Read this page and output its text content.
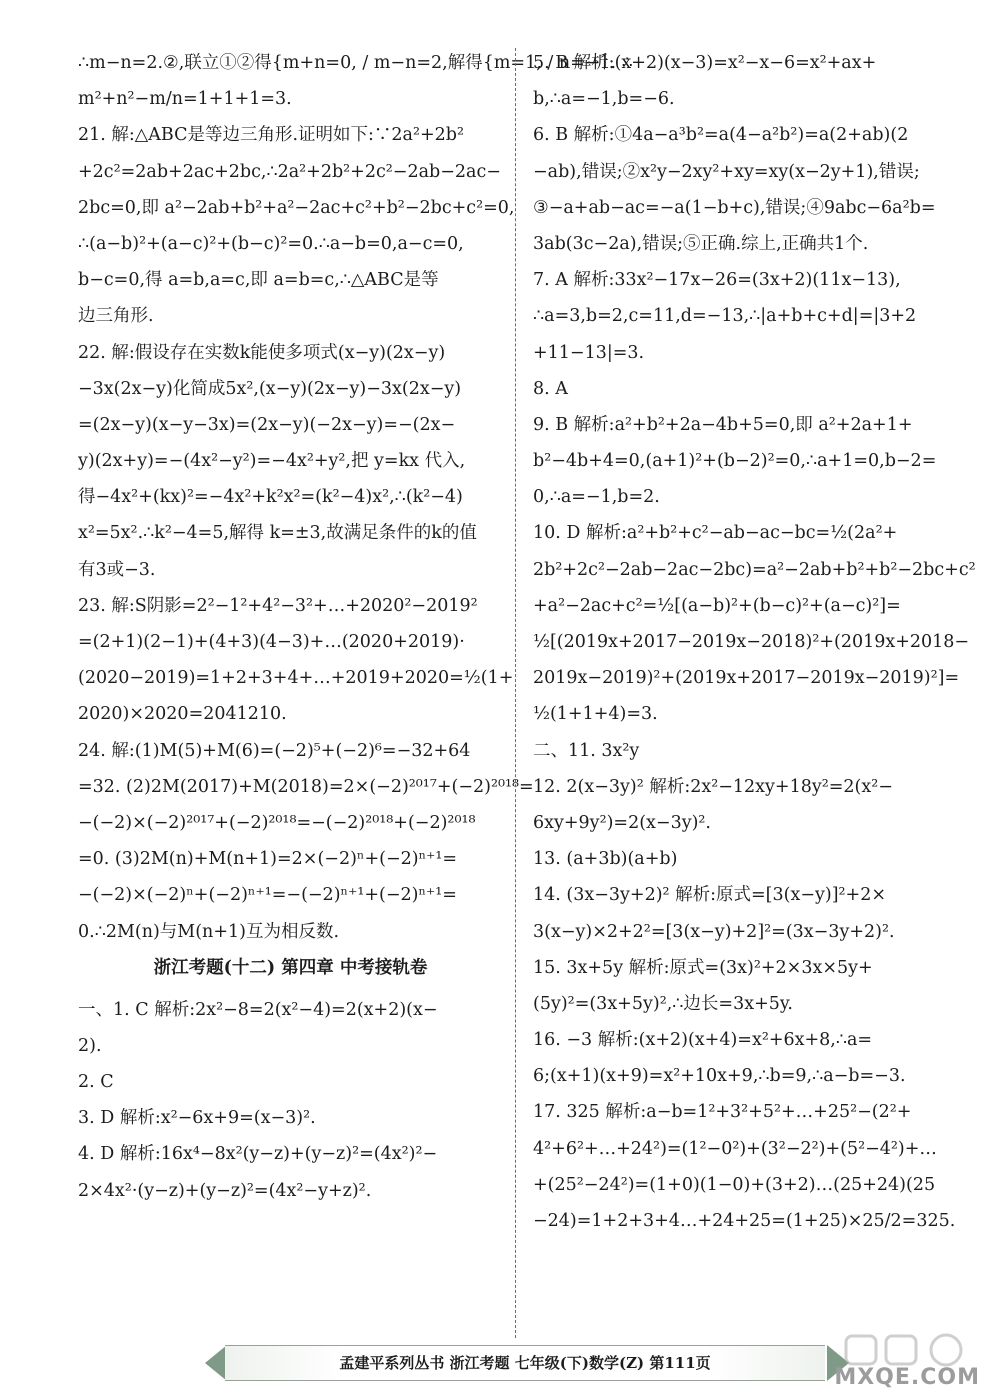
∴m−n=2.②,联立①②得{m+n=0, / m−n=2,解得{m=1, / n=−1. ∴
m²+n²−m/n=1+1+1=3.
21. 解:△ABC是等边三角形.证明如下:∵2a²+2b²
+2c²=2ab+2ac+2bc,∴2a²+2b²+2c²−2ab−2ac−
2bc=0,即 a²−2ab+b²+a²−2ac+c²+b²−2bc+c²=0,
∴(a−b)²+(a−c)²+(b−c)²=0.∴a−b=0,a−c=0,
b−c=0,得 a=b,a=c,即 a=b=c,∴△ABC是等
边三角形.
22. 解:假设存在实数k能使多项式(x−y)(2x−y)
−3x(2x−y)化简成5x²,(x−y)(2x−y)−3x(2x−y)
=(2x−y)(x−y−3x)=(2x−y)(−2x−y)=−(2x−
y)(2x+y)=−(4x²−y²)=−4x²+y²,把 y=kx 代入,
得−4x²+(kx)²=−4x²+k²x²=(k²−4)x²,∴(k²−4)
x²=5x².∴k²−4=5,解得 k=±3,故满足条件的k的值
有3或−3.
23. 解:S阴影=2²−1²+4²−3²+…+2020²−2019²
=(2+1)(2−1)+(4+3)(4−3)+…(2020+2019)·
(2020−2019)=1+2+3+4+…+2019+2020=½(1+
2020)×2020=2041210.
24. 解:(1)M(5)+M(6)=(−2)⁵+(−2)⁶=−32+64
=32. (2)2M(2017)+M(2018)=2×(−2)²⁰¹⁷+(−2)²⁰¹⁸=
−(−2)×(−2)²⁰¹⁷+(−2)²⁰¹⁸=−(−2)²⁰¹⁸+(−2)²⁰¹⁸
=0. (3)2M(n)+M(n+1)=2×(−2)ⁿ+(−2)ⁿ⁺¹=
−(−2)×(−2)ⁿ+(−2)ⁿ⁺¹=−(−2)ⁿ⁺¹+(−2)ⁿ⁺¹=
0.∴2M(n)与M(n+1)互为相反数.
浙江考题(十二) 第四章 中考接轨卷
一、1. C 解析:2x²−8=2(x²−4)=2(x+2)(x−
2).
2. C
3. D 解析:x²−6x+9=(x−3)².
4. D 解析:16x⁴−8x²(y−z)+(y−z)²=(4x²)²−
2×4x²·(y−z)+(y−z)²=(4x²−y+z)².
5. B 解析:(x+2)(x−3)=x²−x−6=x²+ax+
b,∴a=−1,b=−6.
6. B 解析:①4a−a³b²=a(4−a²b²)=a(2+ab)(2
−ab),错误;②x²y−2xy²+xy=xy(x−2y+1),错误;
③−a+ab−ac=−a(1−b+c),错误;④9abc−6a²b=
3ab(3c−2a),错误;⑤正确.综上,正确共1个.
7. A 解析:33x²−17x−26=(3x+2)(11x−13),
∴a=3,b=2,c=11,d=−13,∴|a+b+c+d|=|3+2
+11−13|=3.
8. A
9. B 解析:a²+b²+2a−4b+5=0,即 a²+2a+1+
b²−4b+4=0,(a+1)²+(b−2)²=0,∴a+1=0,b−2=
0,∴a=−1,b=2.
10. D 解析:a²+b²+c²−ab−ac−bc=½(2a²+
2b²+2c²−2ab−2ac−2bc)=a²−2ab+b²+b²−2bc+c²
+a²−2ac+c²=½[(a−b)²+(b−c)²+(a−c)²]=
½[(2019x+2017−2019x−2018)²+(2019x+2018−
2019x−2019)²+(2019x+2017−2019x−2019)²]=
½(1+1+4)=3.
二、11. 3x²y
12. 2(x−3y)² 解析:2x²−12xy+18y²=2(x²−
6xy+9y²)=2(x−3y)².
13. (a+3b)(a+b)
14. (3x−3y+2)² 解析:原式=[3(x−y)]²+2×
3(x−y)×2+2²=[3(x−y)+2]²=(3x−3y+2)².
15. 3x+5y 解析:原式=(3x)²+2×3x×5y+
(5y)²=(3x+5y)²,∴边长=3x+5y.
16. −3 解析:(x+2)(x+4)=x²+6x+8,∴a=
6;(x+1)(x+9)=x²+10x+9,∴b=9,∴a−b=−3.
17. 325 解析:a−b=1²+3²+5²+…+25²−(2²+
4²+6²+…+24²)=(1²−0²)+(3²−2²)+(5²−4²)+…
+(25²−24²)=(1+0)(1−0)+(3+2)…(25+24)(25
−24)=1+2+3+4…+24+25=(1+25)×25/2=325.
孟建平系列丛书 浙江考题 七年级(下)数学(Z) 第111页
MXQE.COM
